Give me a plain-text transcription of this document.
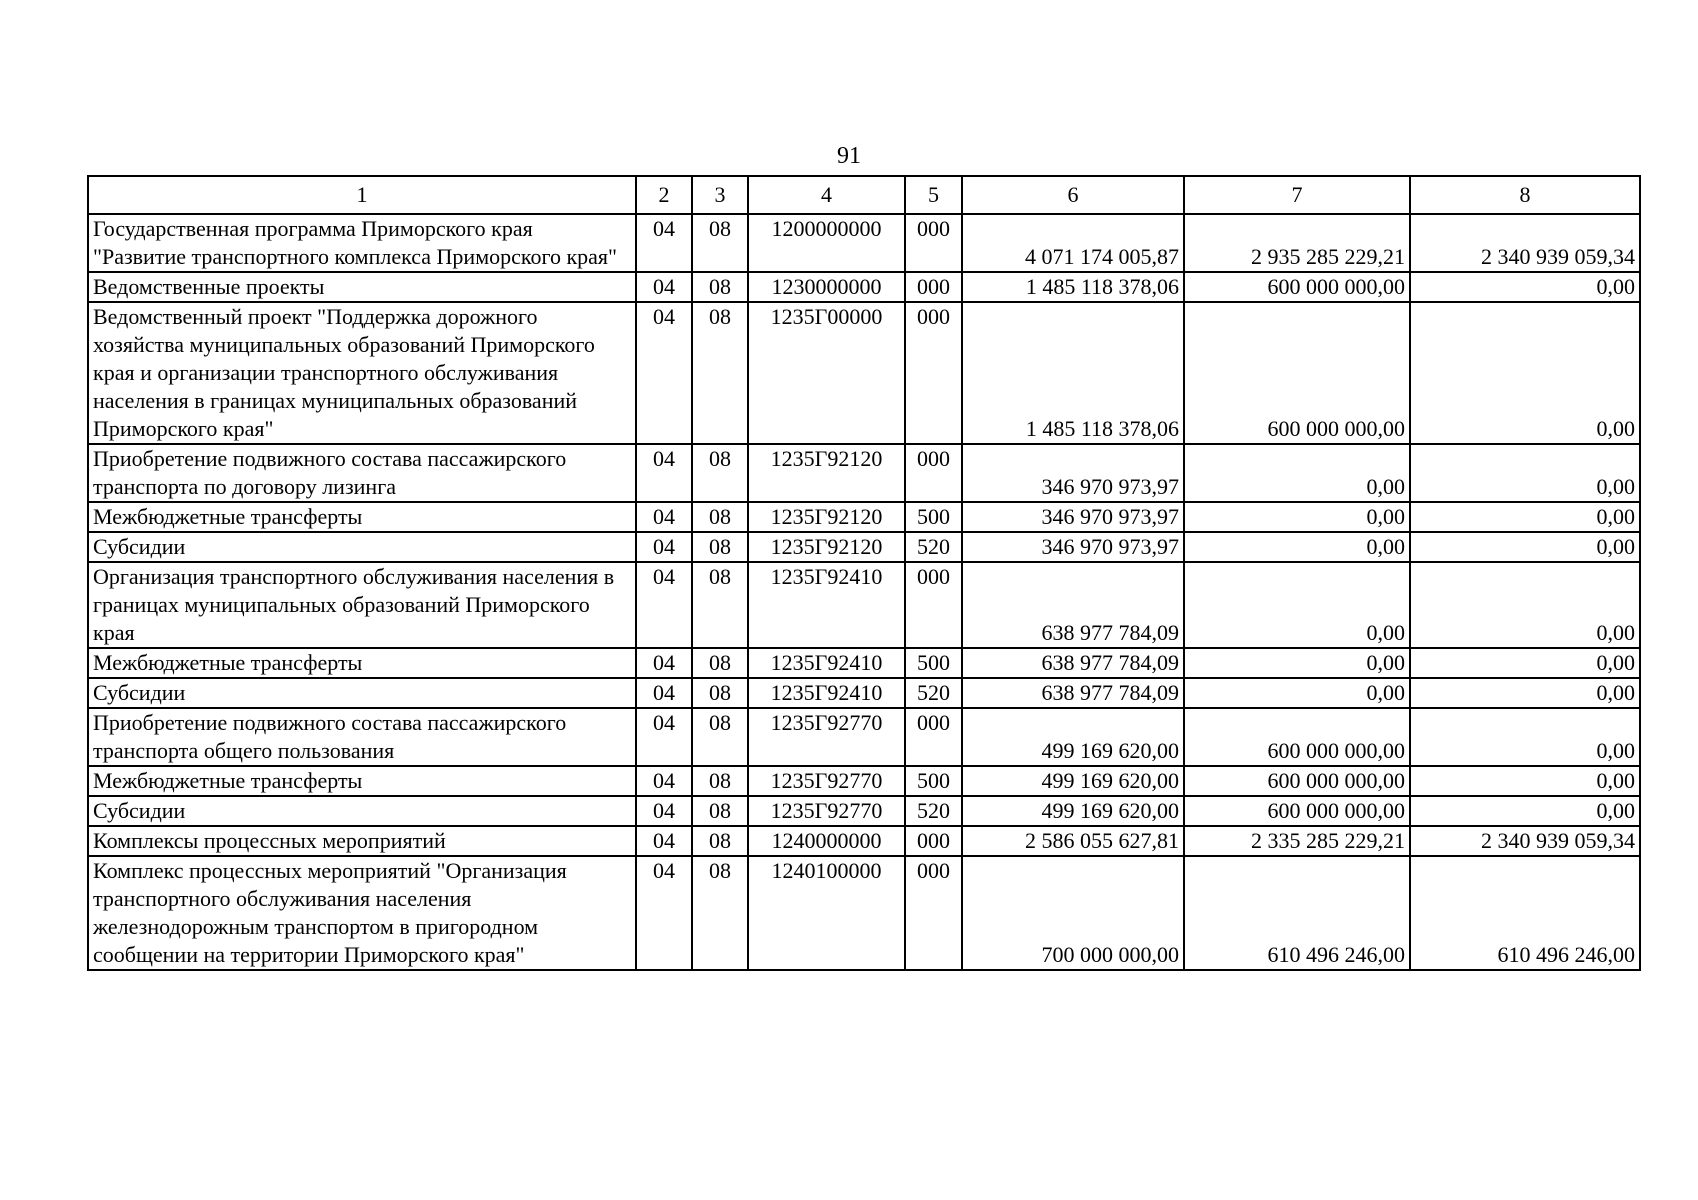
91
1	2	3	4	5	6	7	8
Государственная программа Приморского края "Развитие транспортного комплекса Приморского края"	04	08	1200000000	000	4 071 174 005,87	2 935 285 229,21	2 340 939 059,34
Ведомственные проекты	04	08	1230000000	000	1 485 118 378,06	600 000 000,00	0,00
Ведомственный проект "Поддержка дорожного хозяйства муниципальных образований Приморского края и организации транспортного обслуживания населения в границах муниципальных образований Приморского края"	04	08	1235Г00000	000	1 485 118 378,06	600 000 000,00	0,00
Приобретение подвижного состава пассажирского транспорта по договору лизинга	04	08	1235Г92120	000	346 970 973,97	0,00	0,00
Межбюджетные трансферты	04	08	1235Г92120	500	346 970 973,97	0,00	0,00
Субсидии	04	08	1235Г92120	520	346 970 973,97	0,00	0,00
Организация транспортного обслуживания населения в границах муниципальных образований Приморского края	04	08	1235Г92410	000	638 977 784,09	0,00	0,00
Межбюджетные трансферты	04	08	1235Г92410	500	638 977 784,09	0,00	0,00
Субсидии	04	08	1235Г92410	520	638 977 784,09	0,00	0,00
Приобретение подвижного состава пассажирского транспорта общего пользования	04	08	1235Г92770	000	499 169 620,00	600 000 000,00	0,00
Межбюджетные трансферты	04	08	1235Г92770	500	499 169 620,00	600 000 000,00	0,00
Субсидии	04	08	1235Г92770	520	499 169 620,00	600 000 000,00	0,00
Комплексы процессных мероприятий	04	08	1240000000	000	2 586 055 627,81	2 335 285 229,21	2 340 939 059,34
Комплекс процессных мероприятий "Организация транспортного обслуживания населения железнодорожным транспортом в пригородном сообщении на территории Приморского края"	04	08	1240100000	000	700 000 000,00	610 496 246,00	610 496 246,00
